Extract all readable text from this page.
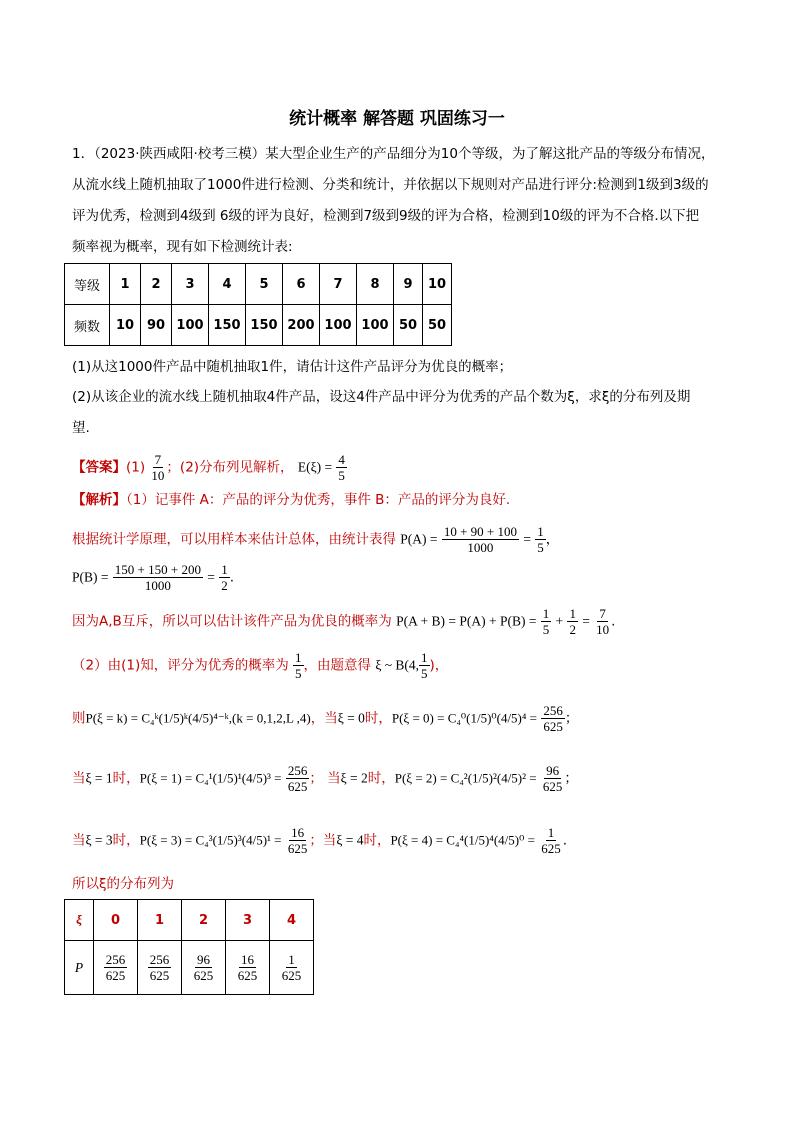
统计概率 解答题 巩固练习一
1．（2023·陕西咸阳·校考三模）某大型企业生产的产品细分为10个等级，为了解这批产品的等级分布情况，
从流水线上随机抽取了1000件进行检测、分类和统计，并依据以下规则对产品进行评分:检测到1级到3级的
评为优秀，检测到4级到 6级的评为良好，检测到7级到9级的评为合格，检测到10级的评为不合格.以下把
频率视为概率，现有如下检测统计表:
等级	1	2	3	4	5	6	7	8	9	10
频数	10	90	100	150	150	200	100	100	50	50
(1)从这1000件产品中随机抽取1件，请估计这件产品评分为优良的概率；
(2)从该企业的流水线上随机抽取4件产品，设这4件产品中评分为优秀的产品个数为ξ，求ξ的分布列及期
望.
【答案】$(1) \frac{7}{10}$ ；(2)分布列见解析， $E(\xi) = \frac{4}{5}$
【解析】（1）记事件 A：产品的评分为优秀，事件 B：产品的评分为良好.
根据统计学原理，可以用样本来估计总体，由统计表得 $P(A) = \frac{10 + 90 + 100}{1000} = \frac{1}{5}$ ，
$P(B) = \frac{150 + 150 + 200}{1000} = \frac{1}{2}$ .
因为A,B互斥，所以可以估计该件产品为优良的概率为 $P(A + B) = P(A) + P(B) = \frac{1}{5} + \frac{1}{2} = \frac{7}{10}$ .
（2）由(1)知，评分为优秀的概率为 $\frac{1}{5}$ ，由题意得 ξ ~ B(4, $\frac{1}{5}$ )，
则P(ξ = k) = C₄ᵏ(1/5)ᵏ(4/5)⁴⁻ᵏ,(k = 0,1,2,L ,4)，当ξ = 0时，$P(\xi = 0) = C_4^0(1/5)^0(4/5)^4 = \frac{256}{625}$ ；
当ξ = 1时，$P(\xi = 1) = C_4^1(1/5)^1(4/5)^3 = \frac{256}{625}$ ； 当ξ = 2时，$P(\xi = 2) = C_4^2(1/5)^2(4/5)^2 = \frac{96}{625}$ ；
当ξ = 3时，$P(\xi = 3) = C_4^3(1/5)^3(4/5)^1 = \frac{16}{625}$ ；当ξ = 4时，$P(\xi = 4) = C_4^4(1/5)^4(4/5)^0 = \frac{1}{625}$ .
所以ξ的分布列为
ξ	0	1	2	3	4
P	$\frac{256}{625}$	$\frac{256}{625}$	$\frac{96}{625}$	$\frac{16}{625}$	$\frac{1}{625}$
